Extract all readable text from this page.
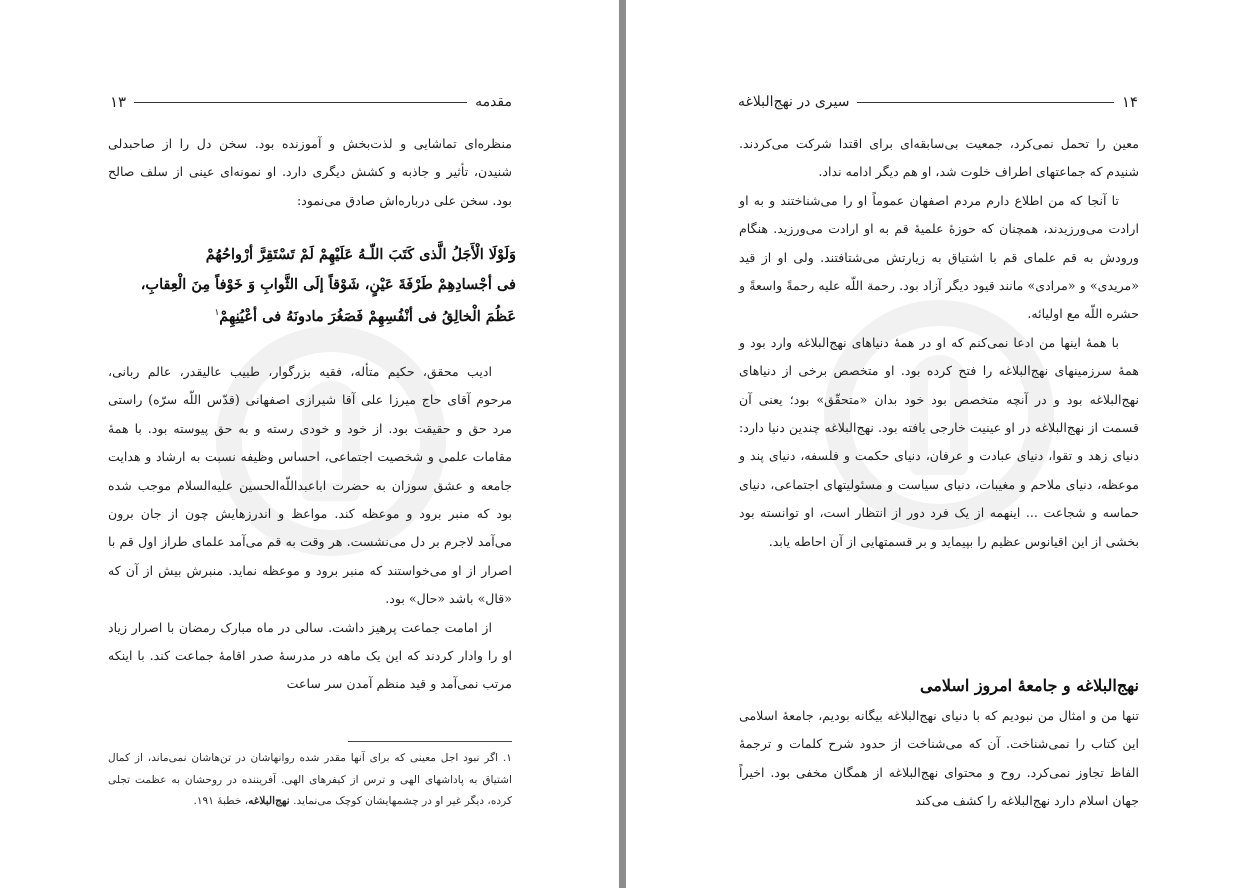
مقدمه
۱۳

منظره‌ای تماشایی و لذت‌بخش و آموزنده بود. سخن دل را از صاحبدلی شنیدن، تأثیر و جاذبه و کشش دیگری دارد. او نمونه‌ای عینی از سلف صالح بود. سخن علی درباره‌اش صادق می‌نمود:

وَلَوْلَا الْأَجَلُ الَّذی کَتَبَ اللّـهُ عَلَیْهِمْ لَمْ تَسْتَقِرَّ أرْواحُهُمْ
فی أجْسادِهِمْ طَرْفَةَ عَیْنٍ، شَوْقاً إلَی الثَّوابِ وَ خَوْفاً مِنَ الْعِقابِ،
عَظُمَ الْخالِقُ فی أنْفُسِهِمْ فَصَغُرَ مادونَهُ فی أعْیُنِهِمْ$^۱$

ادیب محقق، حکیم متأله، فقیه بزرگوار، طبیب عالیقدر، عالم ربانی، مرحوم آقای حاج میرزا علی آقا شیرازی اصفهانی (قدّس اللّه سرّه) راستی مرد حق و حقیقت بود. از خود و خودی رسته و به حق پیوسته بود. با همهٔ مقامات علمی و شخصیت اجتماعی، احساس وظیفه نسبت به ارشاد و هدایت جامعه و عشق سوزان به حضرت اباعبداللّه‌الحسین علیه‌السلام موجب شده بود که منبر برود و موعظه کند. مواعظ و اندرزهایش چون از جان برون می‌آمد لاجرم بر دل می‌نشست. هر وقت به قم می‌آمد علمای طراز اول قم با اصرار از او می‌خواستند که منبر برود و موعظه نماید. منبرش بیش از آن که «قال» باشد «حال» بود.

از امامت جماعت پرهیز داشت. سالی در ماه مبارک رمضان با اصرار زیاد او را وادار کردند که این یک ماهه در مدرسهٔ صدر اقامهٔ جماعت کند. با اینکه مرتب نمی‌آمد و قید منظم آمدن سر ساعت

۱. اگر نبود اجل معینی که برای آنها مقدر شده روانهاشان در تن‌هاشان نمی‌ماند، از کمال اشتیاق به پاداشهای الهی و ترس از کیفرهای الهی. آفریننده در روحشان به عظمت تجلی کرده، دیگر غیر او در چشمهایشان کوچک می‌نماید. نهج‌البلاغه، خطبهٔ ۱۹۱.
۱۴
سیری در نهج‌البلاغه

معین را تحمل نمی‌کرد، جمعیت بی‌سابقه‌ای برای اقتدا شرکت می‌کردند. شنیدم که جماعتهای اطراف خلوت شد، او هم دیگر ادامه نداد.

تا آنجا که من اطلاع دارم مردم اصفهان عموماً او را می‌شناختند و به او ارادت می‌ورزیدند، همچنان که حوزهٔ علمیهٔ قم به او ارادت می‌ورزید. هنگام ورودش به قم علمای قم با اشتیاق به زیارتش می‌شتافتند. ولی او از قید «مریدی» و «مرادی» مانند قیود دیگر آزاد بود. رحمة اللّه علیه رحمةً واسعةً و حشره اللّه مع اولیائه.

با همهٔ اینها من ادعا نمی‌کنم که او در همهٔ دنیاهای نهج‌البلاغه وارد بود و همهٔ سرزمینهای نهج‌البلاغه را فتح کرده بود. او متخصص برخی از دنیاهای نهج‌البلاغه بود و در آنچه متخصص بود خود بدان «متحقّق» بود؛ یعنی آن قسمت از نهج‌البلاغه در او عینیت خارجی یافته بود. نهج‌البلاغه چندین دنیا دارد: دنیای زهد و تقوا، دنیای عبادت و عرفان، دنیای حکمت و فلسفه، دنیای پند و موعظه، دنیای ملاحم و مغیبات، دنیای سیاست و مسئولیتهای اجتماعی، دنیای حماسه و شجاعت ... اینهمه از یک فرد دور از انتظار است، او توانسته بود بخشی از این اقیانوس عظیم را بپیماید و بر قسمتهایی از آن احاطه یابد.

نهج‌البلاغه و جامعهٔ امروز اسلامی

تنها من و امثال من نبودیم که با دنیای نهج‌البلاغه بیگانه بودیم، جامعهٔ اسلامی این کتاب را نمی‌شناخت. آن که می‌شناخت از حدود شرح کلمات و ترجمهٔ الفاظ تجاوز نمی‌کرد. روح و محتوای نهج‌البلاغه از همگان مخفی بود. اخیراً جهان اسلام دارد نهج‌البلاغه را کشف می‌کند
